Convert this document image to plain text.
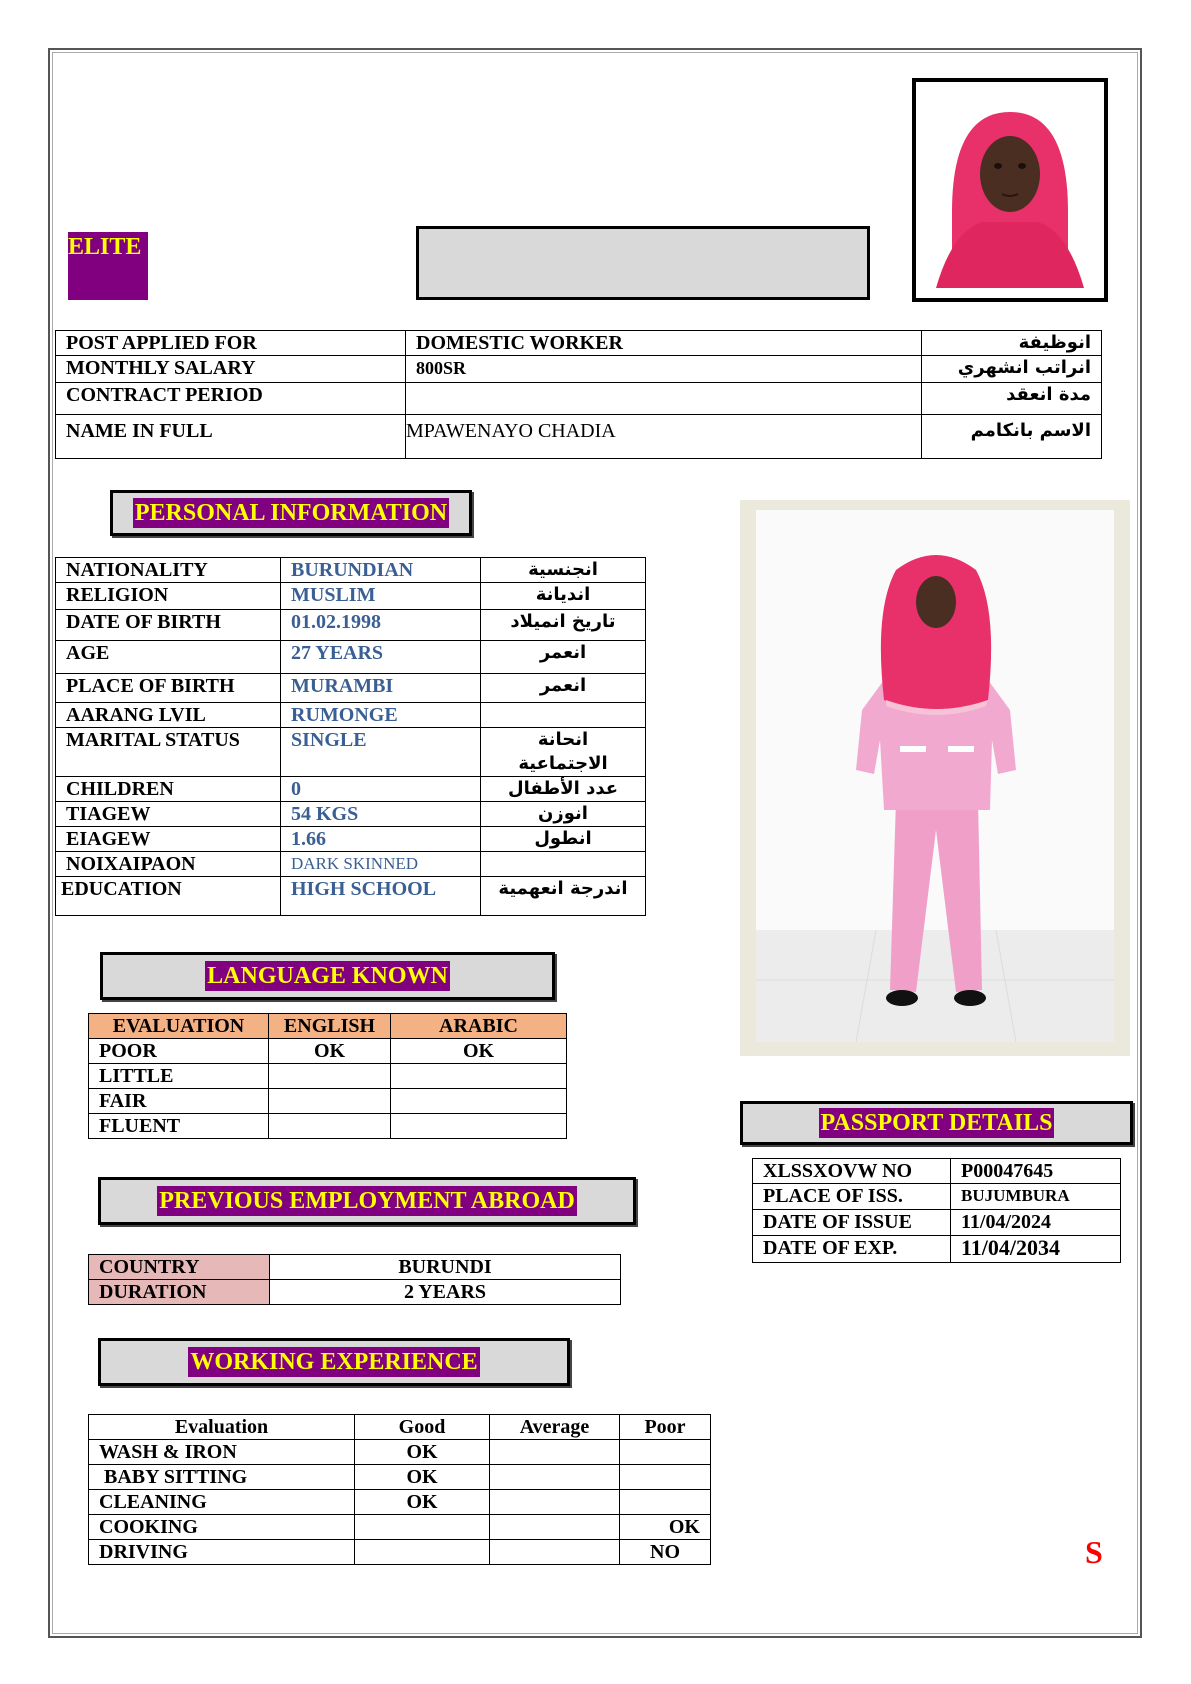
ELITE
POST APPLIED FOR	DOMESTIC WORKER	انوظيفة
MONTHLY SALARY	800SR	انراتب انشهري
CONTRACT PERIOD		مدة انعقد
NAME IN FULL	MPAWENAYO CHADIA	الاسم بانكامم
PERSONAL INFORMATION
NATIONALITY	BURUNDIAN	انجنسية
RELIGION	MUSLIM	انديانة
DATE OF BIRTH	01.02.1998	تاريخ انميلاد
AGE	27 YEARS	انعمر
PLACE OF BIRTH	MURAMBI	انعمر
AARANG LVIL	RUMONGE	
MARITAL STATUS	SINGLE	انحانة الاجتماعية
CHILDREN	0	عدد الأطفال
TIAGEW	54 KGS	انوزن
EIAGEW	1.66	انطول
NOIXAIPAON	DARK SKINNED	
EDUCATION	HIGH SCHOOL	اندرجة انعهمية
LANGUAGE KNOWN
EVALUATION	ENGLISH	ARABIC
POOR	OK	OK
LITTLE		
FAIR		
FLUENT		
PREVIOUS EMPLOYMENT ABROAD
COUNTRY	BURUNDI
DURATION	2 YEARS
WORKING EXPERIENCE
Evaluation	Good	Average	Poor
WASH & IRON	OK		
BABY SITTING	OK		
CLEANING	OK		
COOKING			OK
DRIVING			NO
PASSPORT DETAILS
XLSSXOVW NO	P00047645
PLACE OF ISS.	BUJUMBURA
DATE OF ISSUE	11/04/2024
DATE OF EXP.	11/04/2034
S
